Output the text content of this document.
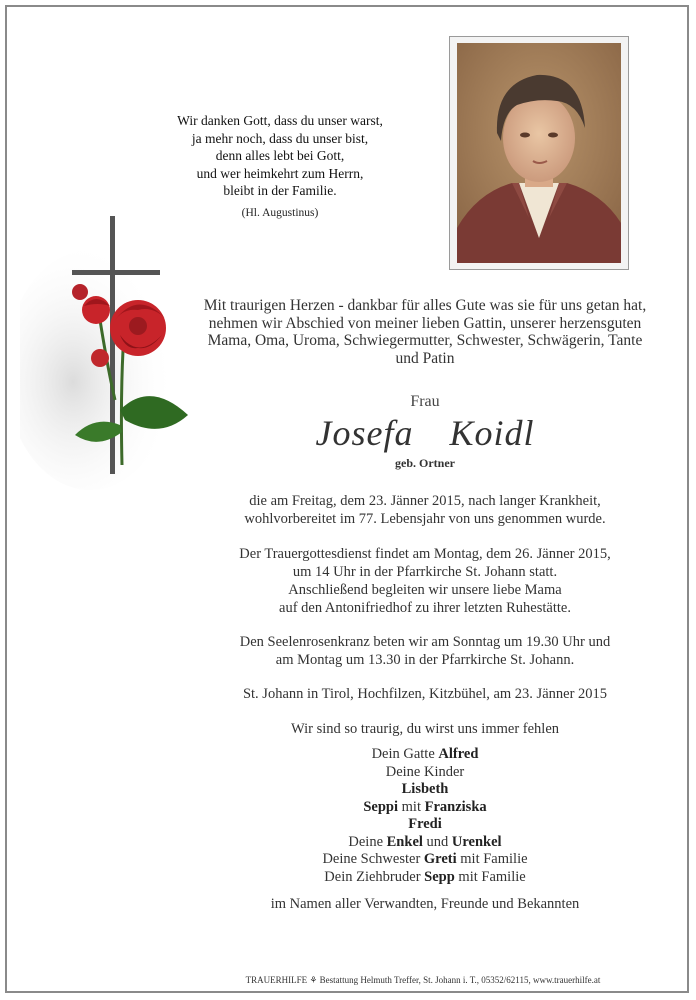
Wir danken Gott, dass du unser warst,
ja mehr noch, dass du unser bist,
denn alles lebt bei Gott,
und wer heimkehrt zum Herrn,
bleibt in der Familie.
(Hl. Augustinus)
Mit traurigen Herzen - dankbar für alles Gute was sie für uns getan hat,
nehmen wir Abschied von meiner lieben Gattin, unserer herzensguten
Mama, Oma, Uroma, Schwiegermutter, Schwester, Schwägerin, Tante
und Patin
Frau
Josefa  Koidl
geb. Ortner
die am Freitag, dem 23. Jänner 2015, nach langer Krankheit,
wohlvorbereitet im 77. Lebensjahr von uns genommen wurde.
Der Trauergottesdienst findet am Montag, dem 26. Jänner 2015,
um 14 Uhr in der Pfarrkirche St. Johann statt.
Anschließend begleiten wir unsere liebe Mama
auf den Antonifriedhof zu ihrer letzten Ruhestätte.
Den Seelenrosenkranz beten wir am Sonntag um 19.30 Uhr und
am Montag um 13.30 in der Pfarrkirche St. Johann.
St. Johann in Tirol, Hochfilzen, Kitzbühel, am 23. Jänner 2015
Wir sind so traurig, du wirst uns immer fehlen
Dein Gatte Alfred
Deine Kinder
Lisbeth
Seppi mit Franziska
Fredi
Deine Enkel und Urenkel
Deine Schwester Greti mit Familie
Dein Ziehbruder Sepp mit Familie
im Namen aller Verwandten, Freunde und Bekannten
TRAUERHILFE ⚘ Bestattung Helmuth Treffer, St. Johann i. T., 05352/62115, www.trauerhilfe.at
